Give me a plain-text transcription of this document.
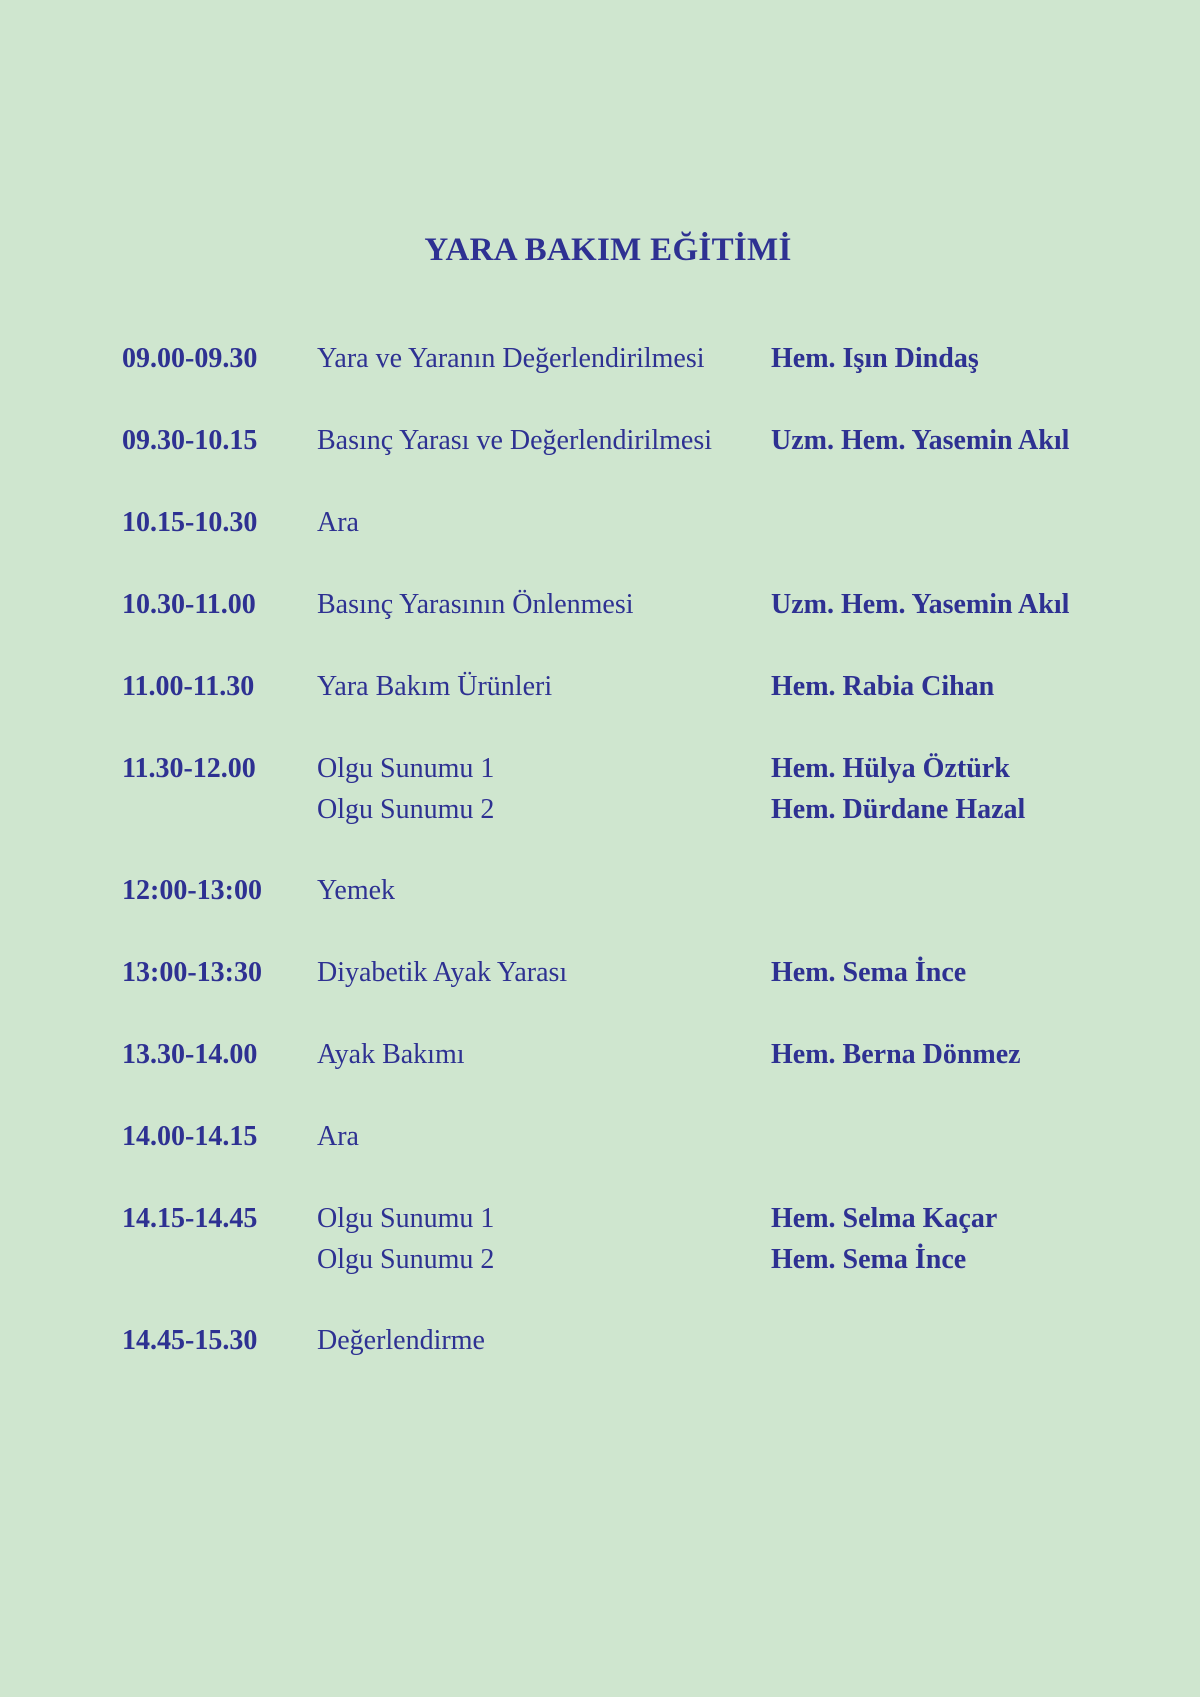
YARA BAKIM EĞİTİMİ
09.00-09.30	Yara ve Yaranın Değerlendirilmesi	Hem. Işın Dindaş
09.30-10.15	Basınç Yarası ve Değerlendirilmesi	Uzm. Hem. Yasemin Akıl
10.15-10.30	Ara
10.30-11.00	Basınç Yarasının Önlenmesi	Uzm. Hem. Yasemin Akıl
11.00-11.30	Yara Bakım Ürünleri	Hem. Rabia Cihan
11.30-12.00	Olgu Sunumu 1	Hem. Hülya Öztürk
Olgu Sunumu 2	Hem. Dürdane Hazal
12:00-13:00	Yemek
13:00-13:30	Diyabetik Ayak Yarası	Hem. Sema İnce
13.30-14.00	Ayak Bakımı	Hem. Berna Dönmez
14.00-14.15	Ara
14.15-14.45	Olgu Sunumu 1	Hem. Selma Kaçar
Olgu Sunumu 2	Hem. Sema İnce
14.45-15.30	Değerlendirme
